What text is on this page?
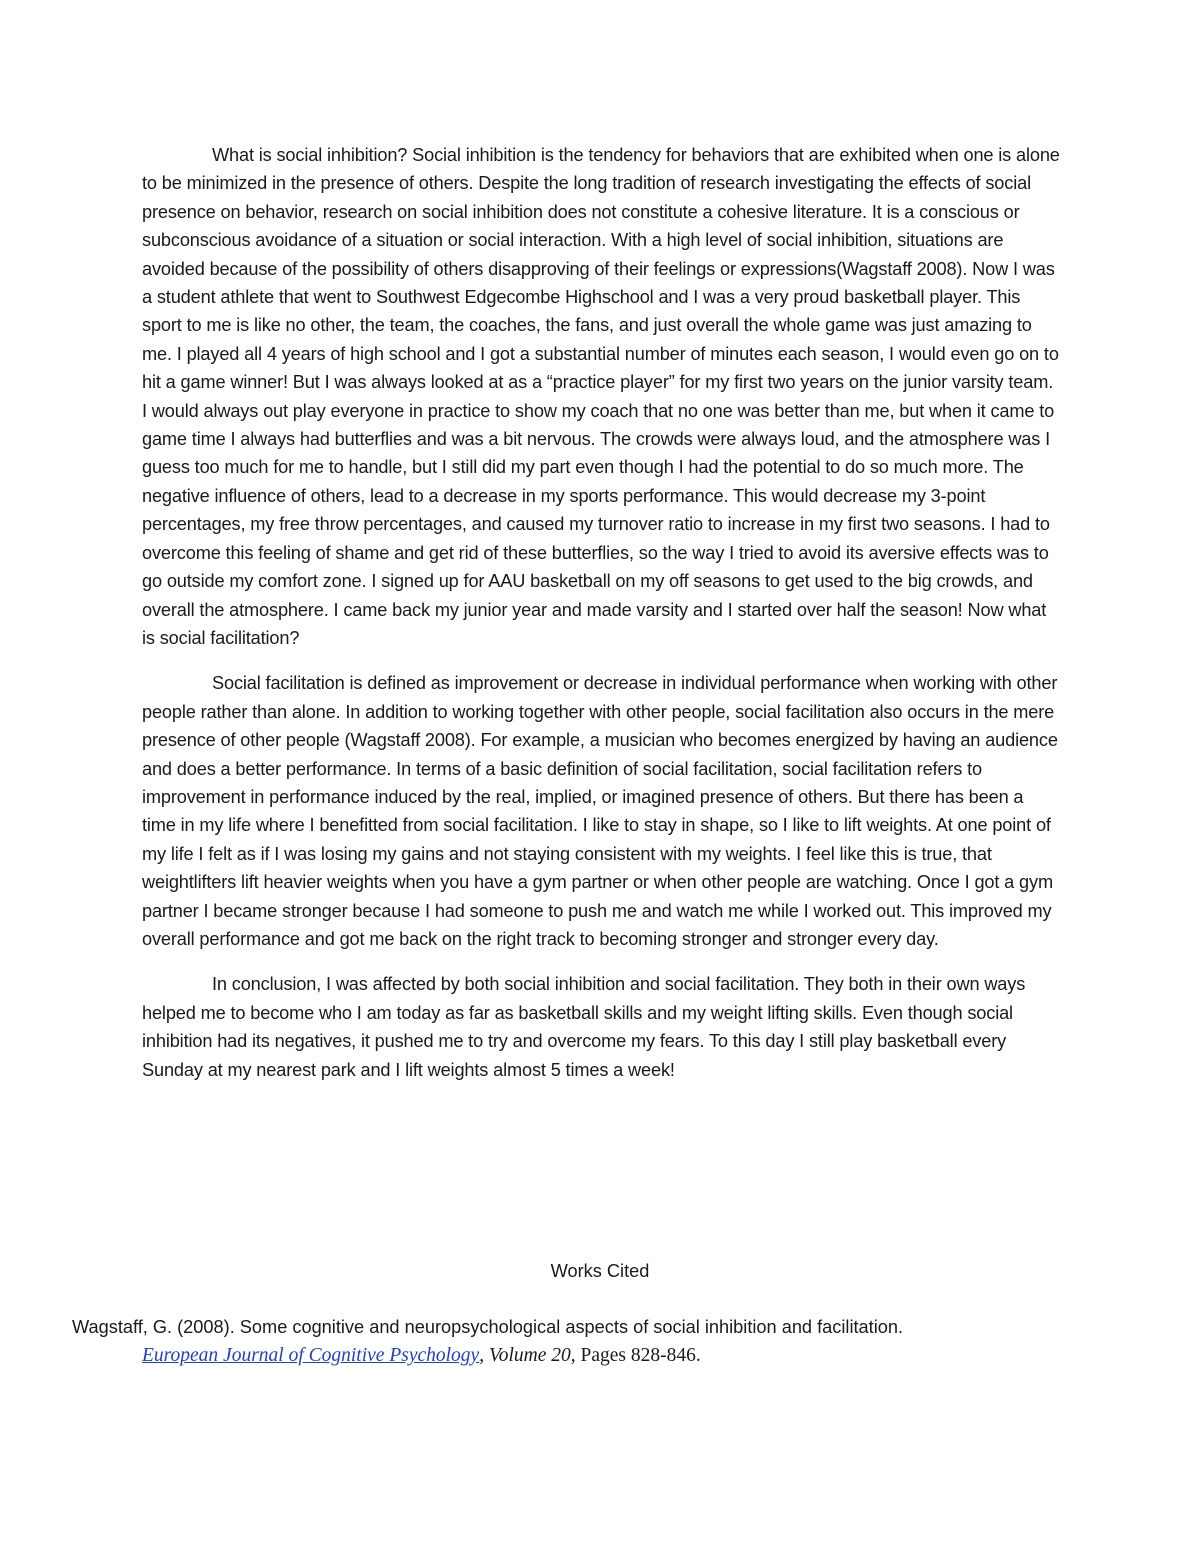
What is social inhibition? Social inhibition is the tendency for behaviors that are exhibited when one is alone to be minimized in the presence of others. Despite the long tradition of research investigating the effects of social presence on behavior, research on social inhibition does not constitute a cohesive literature. It is a conscious or subconscious avoidance of a situation or social interaction. With a high level of social inhibition, situations are avoided because of the possibility of others disapproving of their feelings or expressions(Wagstaff 2008). Now I was a student athlete that went to Southwest Edgecombe Highschool and I was a very proud basketball player. This sport to me is like no other, the team, the coaches, the fans, and just overall the whole game was just amazing to me. I played all 4 years of high school and I got a substantial number of minutes each season, I would even go on to hit a game winner! But I was always looked at as a “practice player” for my first two years on the junior varsity team. I would always out play everyone in practice to show my coach that no one was better than me, but when it came to game time I always had butterflies and was a bit nervous. The crowds were always loud, and the atmosphere was I guess too much for me to handle, but I still did my part even though I had the potential to do so much more. The negative influence of others, lead to a decrease in my sports performance. This would decrease my 3-point percentages, my free throw percentages, and caused my turnover ratio to increase in my first two seasons. I had to overcome this feeling of shame and get rid of these butterflies, so the way I tried to avoid its aversive effects was to go outside my comfort zone. I signed up for AAU basketball on my off seasons to get used to the big crowds, and overall the atmosphere. I came back my junior year and made varsity and I started over half the season! Now what is social facilitation?

Social facilitation is defined as improvement or decrease in individual performance when working with other people rather than alone. In addition to working together with other people, social facilitation also occurs in the mere presence of other people (Wagstaff 2008). For example, a musician who becomes energized by having an audience and does a better performance. In terms of a basic definition of social facilitation, social facilitation refers to improvement in performance induced by the real, implied, or imagined presence of others. But there has been a time in my life where I benefitted from social facilitation. I like to stay in shape, so I like to lift weights. At one point of my life I felt as if I was losing my gains and not staying consistent with my weights. I feel like this is true, that weightlifters lift heavier weights when you have a gym partner or when other people are watching. Once I got a gym partner I became stronger because I had someone to push me and watch me while I worked out. This improved my overall performance and got me back on the right track to becoming stronger and stronger every day.

In conclusion, I was affected by both social inhibition and social facilitation. They both in their own ways helped me to become who I am today as far as basketball skills and my weight lifting skills. Even though social inhibition had its negatives, it pushed me to try and overcome my fears. To this day I still play basketball every Sunday at my nearest park and I lift weights almost 5 times a week!

Works Cited
Wagstaff, G. (2008). Some cognitive and neuropsychological aspects of social inhibition and facilitation.
European Journal of Cognitive Psychology, Volume 20, Pages 828-846.
